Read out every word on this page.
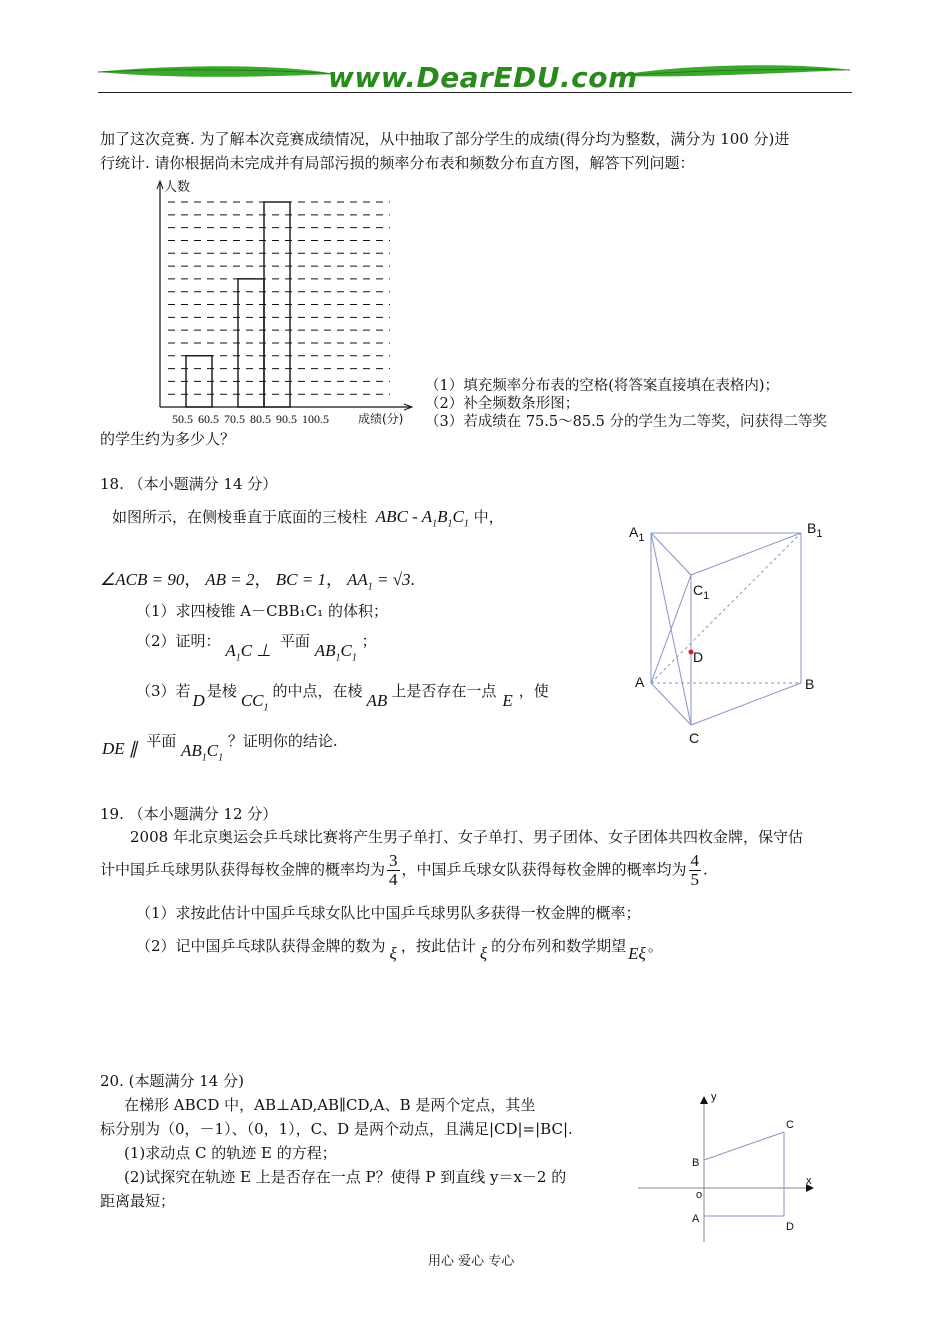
www.DearEDU.com
加了这次竞赛. 为了解本次竞赛成绩情况，从中抽取了部分学生的成绩(得分均为整数，满分为 100 分)进
行统计. 请你根据尚未完成并有局部污损的频率分布表和频数分布直方图，解答下列问题：
人数
50.5 60.5 70.5 80.5 90.5 100.5 成绩(分)
（1）填充频率分布表的空格(将答案直接填在表格内)；
（2）补全频数条形图；
（3）若成绩在 75.5～85.5 分的学生为二等奖，问获得二等奖
的学生约为多少人？
18. （本小题满分 14 分）
如图所示，在侧棱垂直于底面的三棱柱 ABC - $A_1B_1C_1$ 中，
∠ACB = 90， AB = 2， BC = 1， $AA_1 = √3$.
（1）求四棱锥 A－CBB₁C₁ 的体积；
（2）证明： $A_1C$ ⊥ 平面 $AB_1C_1$ ；
（3）若 D 是棱 $CC_1$的中点，在棱 AB 上是否存在一点 E ，使
DE ∥ 平面 $AB_1C_1$ ？证明你的结论.
$A_1$
$B_1$
$C_1$
D
A	B
C
19. （本小题满分 12 分）
2008 年北京奥运会乒乓球比赛将产生男子单打、女子单打、男子团体、女子团体共四枚金牌，保守估
计中国乒乓球男队获得每枚金牌的概率均为 $\frac{3}{4}$ ，中国乒乓球女队获得每枚金牌的概率均为 $\frac{4}{5}$ .
（1）求按此估计中国乒乓球女队比中国乒乓球男队多获得一枚金牌的概率；
（2）记中国乒乓球队获得金牌的数为 ξ ，按此估计 ξ 的分布列和数学期望 Eξ 。
20. (本题满分 14 分)
在梯形 ABCD 中，AB⊥AD,AB∥CD,A、B 是两个定点，其坐
标分别为（0，－1）、（0，1），C、D 是两个动点，且满足|CD|=|BC|.
(1)求动点 C 的轨迹 E 的方程；
(2)试探究在轨迹 E 上是否存在一点 P？使得 P 到直线 y＝x－2 的
距离最短；
y
x
o
B
C
A
D
用心 爱心 专心
